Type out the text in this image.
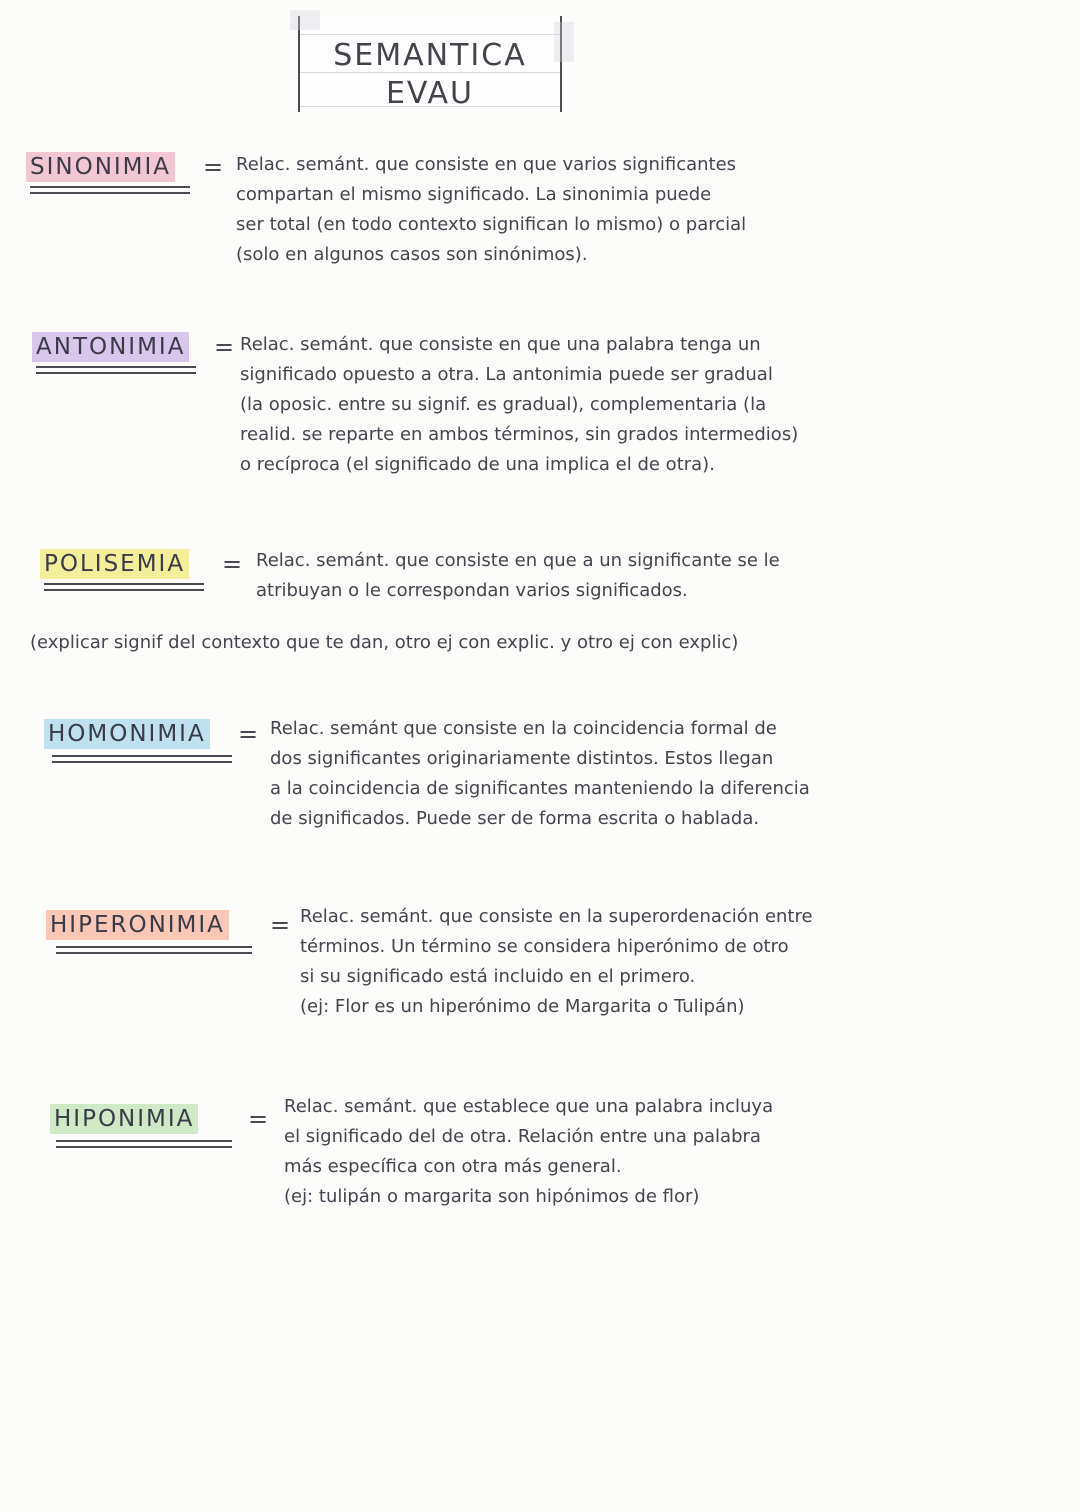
SEMANTICA
EVAU
SINONIMIA = Relac. semánt. que consiste en que varios significantes
compartan el mismo significado. La sinonimia puede
ser total (en todo contexto significan lo mismo) o parcial
(solo en algunos casos son sinónimos).
ANTONIMIA = Relac. semánt. que consiste en que una palabra tenga un
significado opuesto a otra. La antonimia puede ser gradual
(la oposic. entre su signif. es gradual), complementaria (la
realid. se reparte en ambos términos, sin grados intermedios)
o recíproca (el significado de una implica el de otra).
POLISEMIA = Relac. semánt. que consiste en que a un significante se le
atribuyan o le correspondan varios significados.
(explicar signif del contexto que te dan, otro ej con explic. y otro ej con explic)
HOMONIMIA = Relac. semánt que consiste en la coincidencia formal de
dos significantes originariamente distintos. Estos llegan
a la coincidencia de significantes manteniendo la diferencia
de significados. Puede ser de forma escrita o hablada.
HIPERONIMIA = Relac. semánt. que consiste en la superordenación entre
términos. Un término se considera hiperónimo de otro
si su significado está incluido en el primero.
(ej: Flor es un hiperónimo de Margarita o Tulipán)
HIPONIMIA = Relac. semánt. que establece que una palabra incluya
el significado del de otra. Relación entre una palabra
más específica con otra más general.
(ej: tulipán o margarita son hipónimos de flor)
